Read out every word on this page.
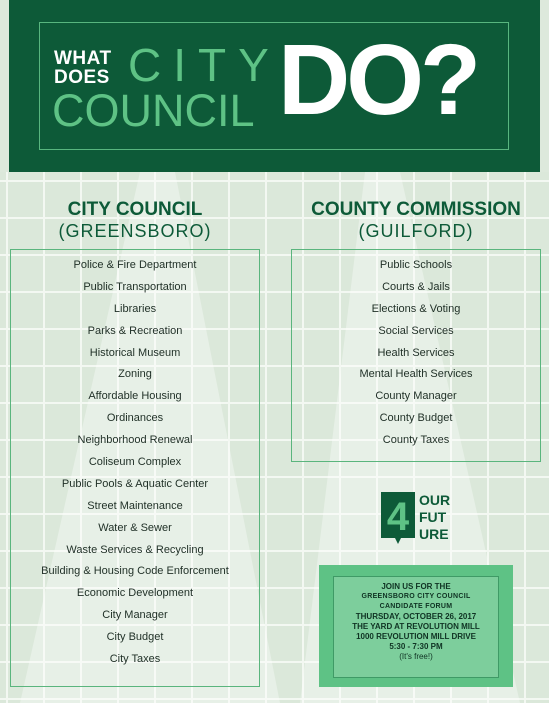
WHAT
DOES CITY
COUNCIL DO?
CITY COUNCIL
(GREENSBORO)
Police & Fire Department
Public Transportation
Libraries
Parks & Recreation
Historical Museum
Zoning
Affordable Housing
Ordinances
Neighborhood Renewal
Coliseum Complex
Public Pools & Aquatic Center
Street Maintenance
Water & Sewer
Waste Services & Recycling
Building & Housing Code Enforcement
Economic Development
City Manager
City Budget
City Taxes
COUNTY COMMISSION
(GUILFORD)
Public Schools
Courts & Jails
Elections & Voting
Social Services
Health Services
Mental Health Services
County Manager
County Budget
County Taxes
4 OUR
FUT
URE
JOIN US FOR THE
GREENSBORO CITY COUNCIL
CANDIDATE FORUM
THURSDAY, OCTOBER 26, 2017
THE YARD AT REVOLUTION MILL
1000 REVOLUTION MILL DRIVE
5:30 - 7:30 PM
(It's free!)
